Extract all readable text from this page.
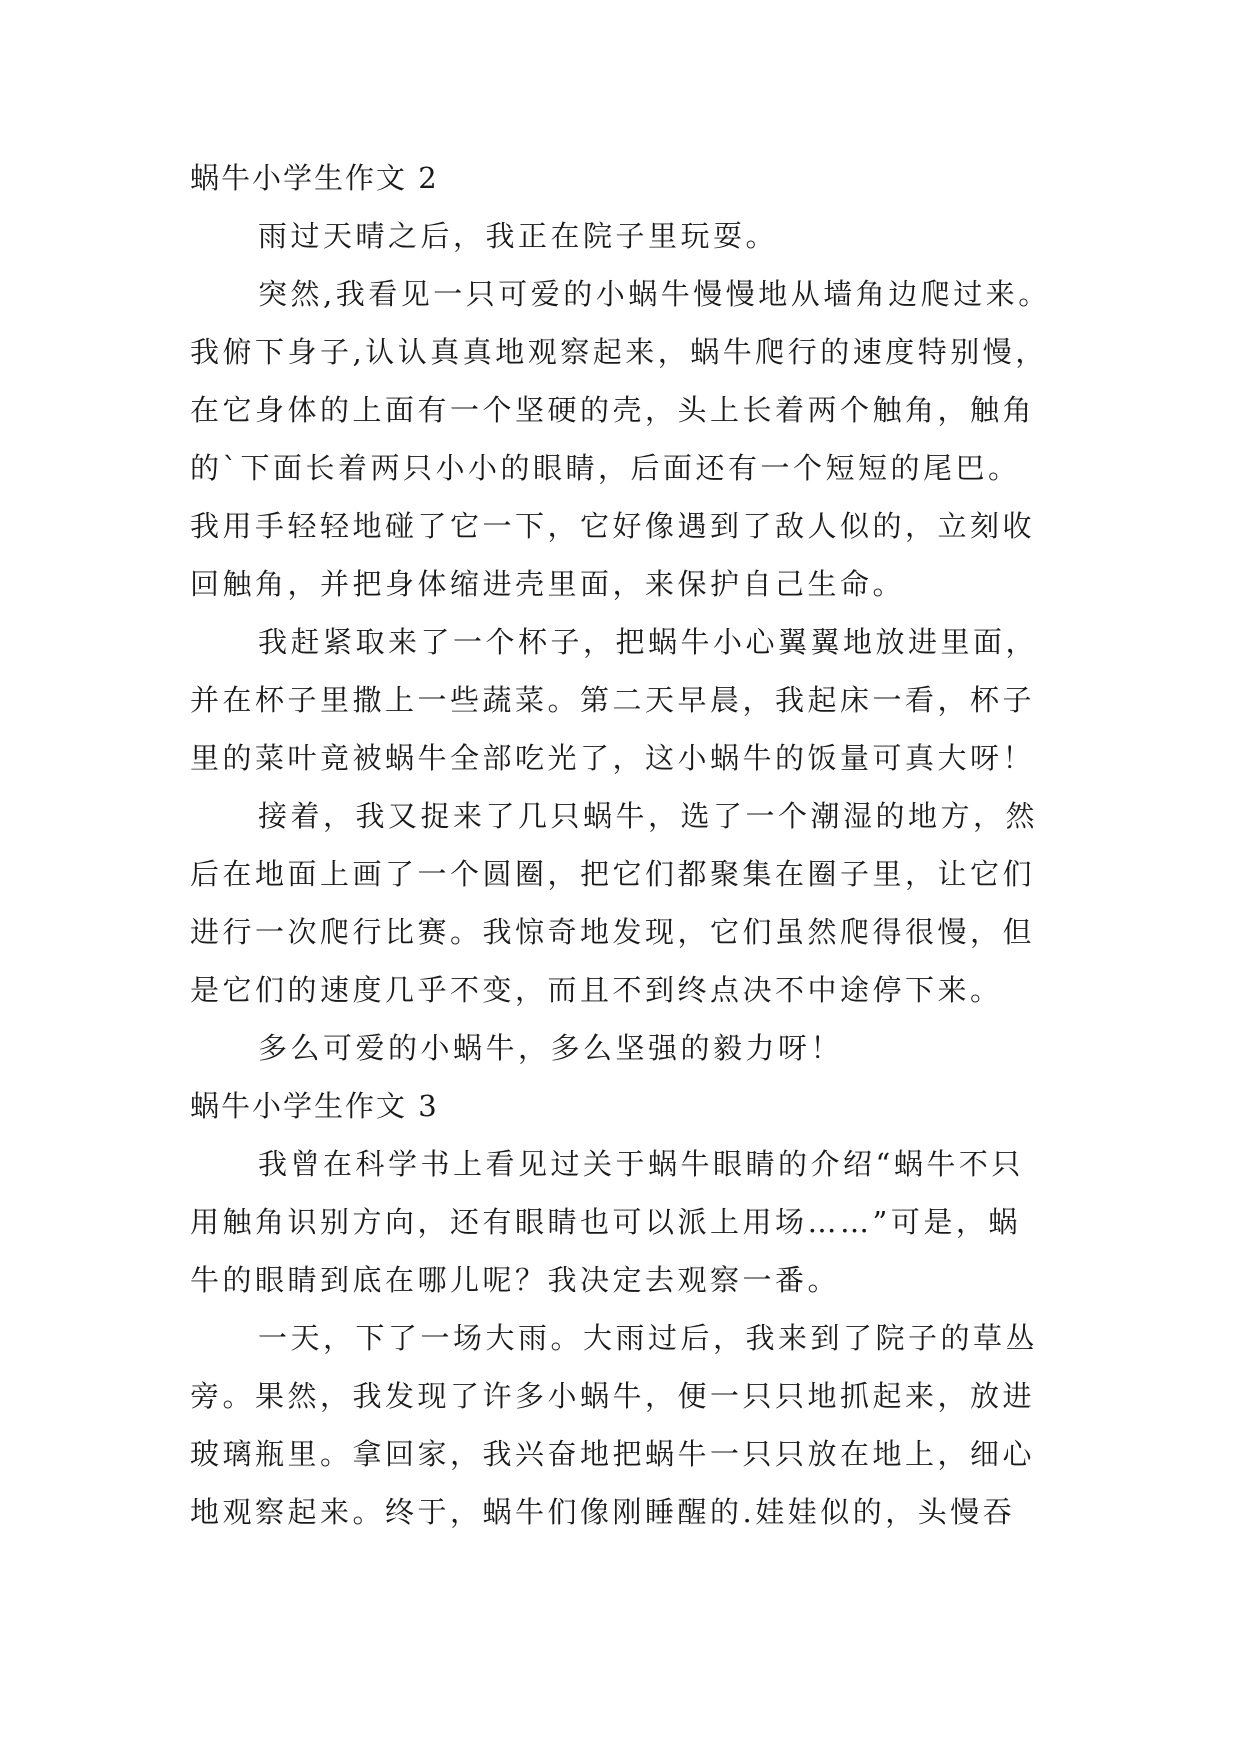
蜗牛小学生作文 2
雨过天晴之后，我正在院子里玩耍。
突然,我看见一只可爱的小蜗牛慢慢地从墙角边爬过来。
我俯下身子,认认真真地观察起来，蜗牛爬行的速度特别慢，
在它身体的上面有一个坚硬的壳，头上长着两个触角，触角
的`下面长着两只小小的眼睛，后面还有一个短短的尾巴。
我用手轻轻地碰了它一下，它好像遇到了敌人似的，立刻收
回触角，并把身体缩进壳里面，来保护自己生命。
我赶紧取来了一个杯子，把蜗牛小心翼翼地放进里面，
并在杯子里撒上一些蔬菜。第二天早晨，我起床一看，杯子
里的菜叶竟被蜗牛全部吃光了，这小蜗牛的饭量可真大呀！
接着，我又捉来了几只蜗牛，选了一个潮湿的地方，然
后在地面上画了一个圆圈，把它们都聚集在圈子里，让它们
进行一次爬行比赛。我惊奇地发现，它们虽然爬得很慢，但
是它们的速度几乎不变，而且不到终点决不中途停下来。
多么可爱的小蜗牛，多么坚强的毅力呀！
蜗牛小学生作文 3
我曾在科学书上看见过关于蜗牛眼睛的介绍“蜗牛不只
用触角识别方向，还有眼睛也可以派上用场……”可是，蜗
牛的眼睛到底在哪儿呢？我决定去观察一番。
一天，下了一场大雨。大雨过后，我来到了院子的草丛
旁。果然，我发现了许多小蜗牛，便一只只地抓起来，放进
玻璃瓶里。拿回家，我兴奋地把蜗牛一只只放在地上，细心
地观察起来。终于，蜗牛们像刚睡醒的.娃娃似的，头慢吞
